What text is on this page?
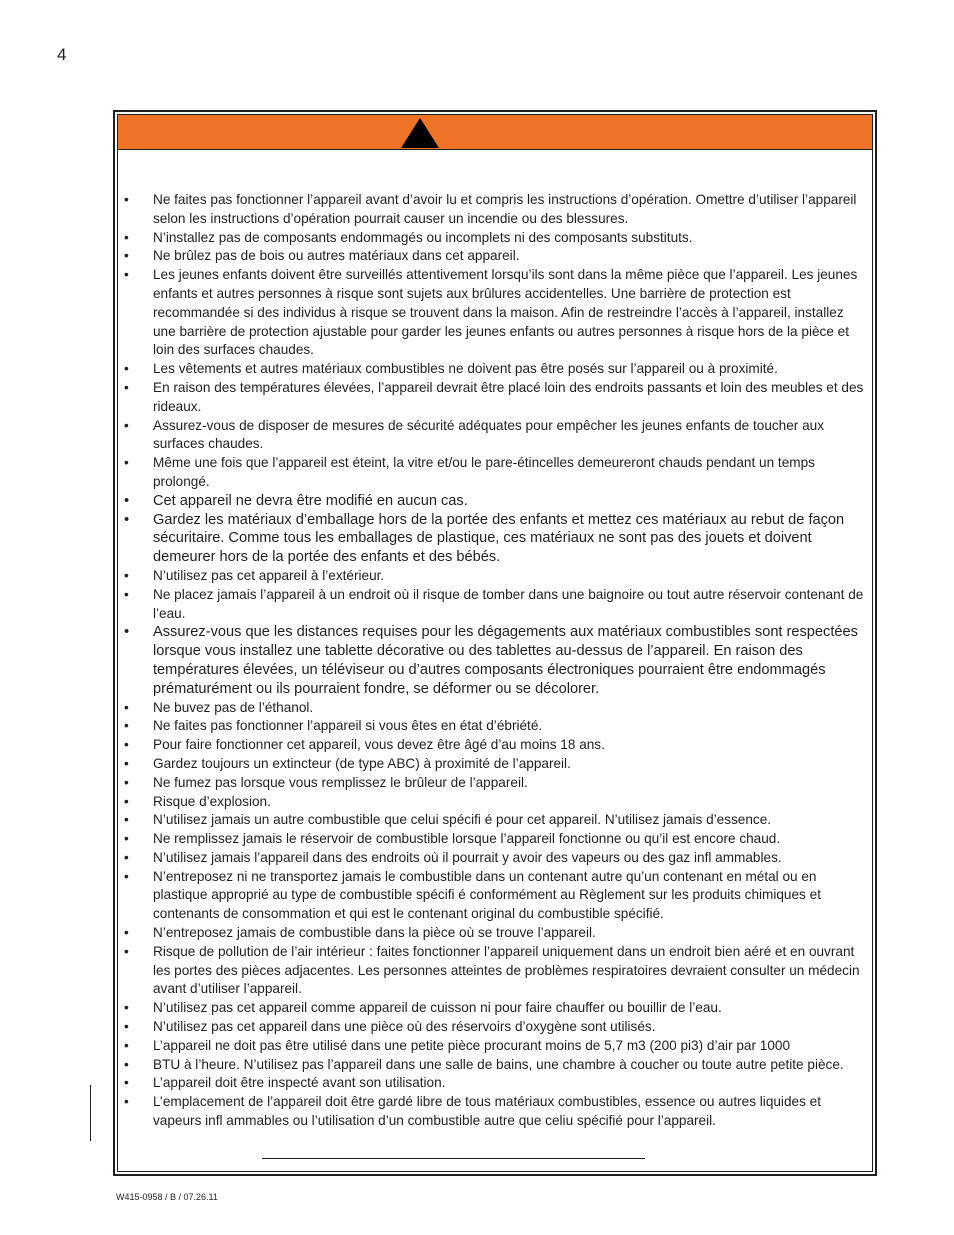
4
• Ne faites pas fonctionner l’appareil avant d’avoir lu et compris les instructions d’opération. Omettre d’utiliser l’appareil selon les instructions d’opération pourrait causer un incendie ou des blessures.
• N’installez pas de composants endommagés ou incomplets ni des composants substituts.
• Ne brûlez pas de bois ou autres matériaux dans cet appareil.
• Les jeunes enfants doivent être surveillés attentivement lorsqu’ils sont dans la même pièce que l’appareil. Les jeunes enfants et autres personnes à risque sont sujets aux brûlures accidentelles. Une barrière de protection est recommandée si des individus à risque se trouvent dans la maison. Afin de restreindre l’accès à l’appareil, installez une barrière de protection ajustable pour garder les jeunes enfants ou autres personnes à risque hors de la pièce et loin des surfaces chaudes.
• Les vêtements et autres matériaux combustibles ne doivent pas être posés sur l’appareil ou à proximité.
• En raison des températures élevées, l’appareil devrait être placé loin des endroits passants et loin des meubles et des rideaux.
• Assurez-vous de disposer de mesures de sécurité adéquates pour empêcher les jeunes enfants de toucher aux surfaces chaudes.
• Même une fois que l’appareil est éteint, la vitre et/ou le pare-étincelles demeureront chauds pendant un temps prolongé.
• Cet appareil ne devra être modifié en aucun cas.
• Gardez les matériaux d’emballage hors de la portée des enfants et mettez ces matériaux au rebut de façon sécuritaire. Comme tous les emballages de plastique, ces matériaux ne sont pas des jouets et doivent demeurer hors de la portée des enfants et des bébés.
• N’utilisez pas cet appareil à l’extérieur.
• Ne placez jamais l’appareil à un endroit où il risque de tomber dans une baignoire ou tout autre réservoir contenant de l’eau.
• Assurez-vous que les distances requises pour les dégagements aux matériaux combustibles sont respectées lorsque vous installez une tablette décorative ou des tablettes au-dessus de l’appareil. En raison des températures élevées, un téléviseur ou d’autres composants électroniques pourraient être endommagés prématurément ou ils pourraient fondre, se déformer ou se décolorer.
• Ne buvez pas de l’éthanol.
• Ne faites pas fonctionner l’appareil si vous êtes en état d’ébriété.
• Pour faire fonctionner cet appareil, vous devez être âgé d’au moins 18 ans.
• Gardez toujours un extincteur (de type ABC) à proximité de l’appareil.
• Ne fumez pas lorsque vous remplissez le brûleur de l’appareil.
• Risque d’explosion.
• N’utilisez jamais un autre combustible que celui spécifi é pour cet appareil. N’utilisez jamais d’essence.
• Ne remplissez jamais le réservoir de combustible lorsque l’appareil fonctionne ou qu’il est encore chaud.
• N’utilisez jamais l’appareil dans des endroits où il pourrait y avoir des vapeurs ou des gaz infl ammables.
• N’entreposez ni ne transportez jamais le combustible dans un contenant autre qu’un contenant en métal ou en plastique approprié au type de combustible spécifi é conformément au Règlement sur les produits chimiques et contenants de consommation et qui est le contenant original du combustible spécifié.
• N’entreposez jamais de combustible dans la pièce où se trouve l’appareil.
• Risque de pollution de l’air intérieur : faites fonctionner l’appareil uniquement dans un endroit bien aéré et en ouvrant les portes des pièces adjacentes. Les personnes atteintes de problèmes respiratoires devraient consulter un médecin avant d’utiliser l’appareil.
• N’utilisez pas cet appareil comme appareil de cuisson ni pour faire chauffer ou bouillir de l’eau.
• N’utilisez pas cet appareil dans une pièce où des réservoirs d’oxygène sont utilisés.
• L’appareil ne doit pas être utilisé dans une petite pièce procurant moins de 5,7 m3 (200 pi3) d’air par 1000
• BTU à l’heure. N’utilisez pas l’appareil dans une salle de bains, une chambre à coucher ou toute autre petite pièce.
• L’appareil doit être inspecté avant son utilisation.
• L’emplacement de l’appareil doit être gardé libre de tous matériaux combustibles, essence ou autres liquides et vapeurs infl ammables ou l’utilisation d’un combustible autre que celiu spécifié pour l’appareil.
W415-0958 / B / 07.26.11
